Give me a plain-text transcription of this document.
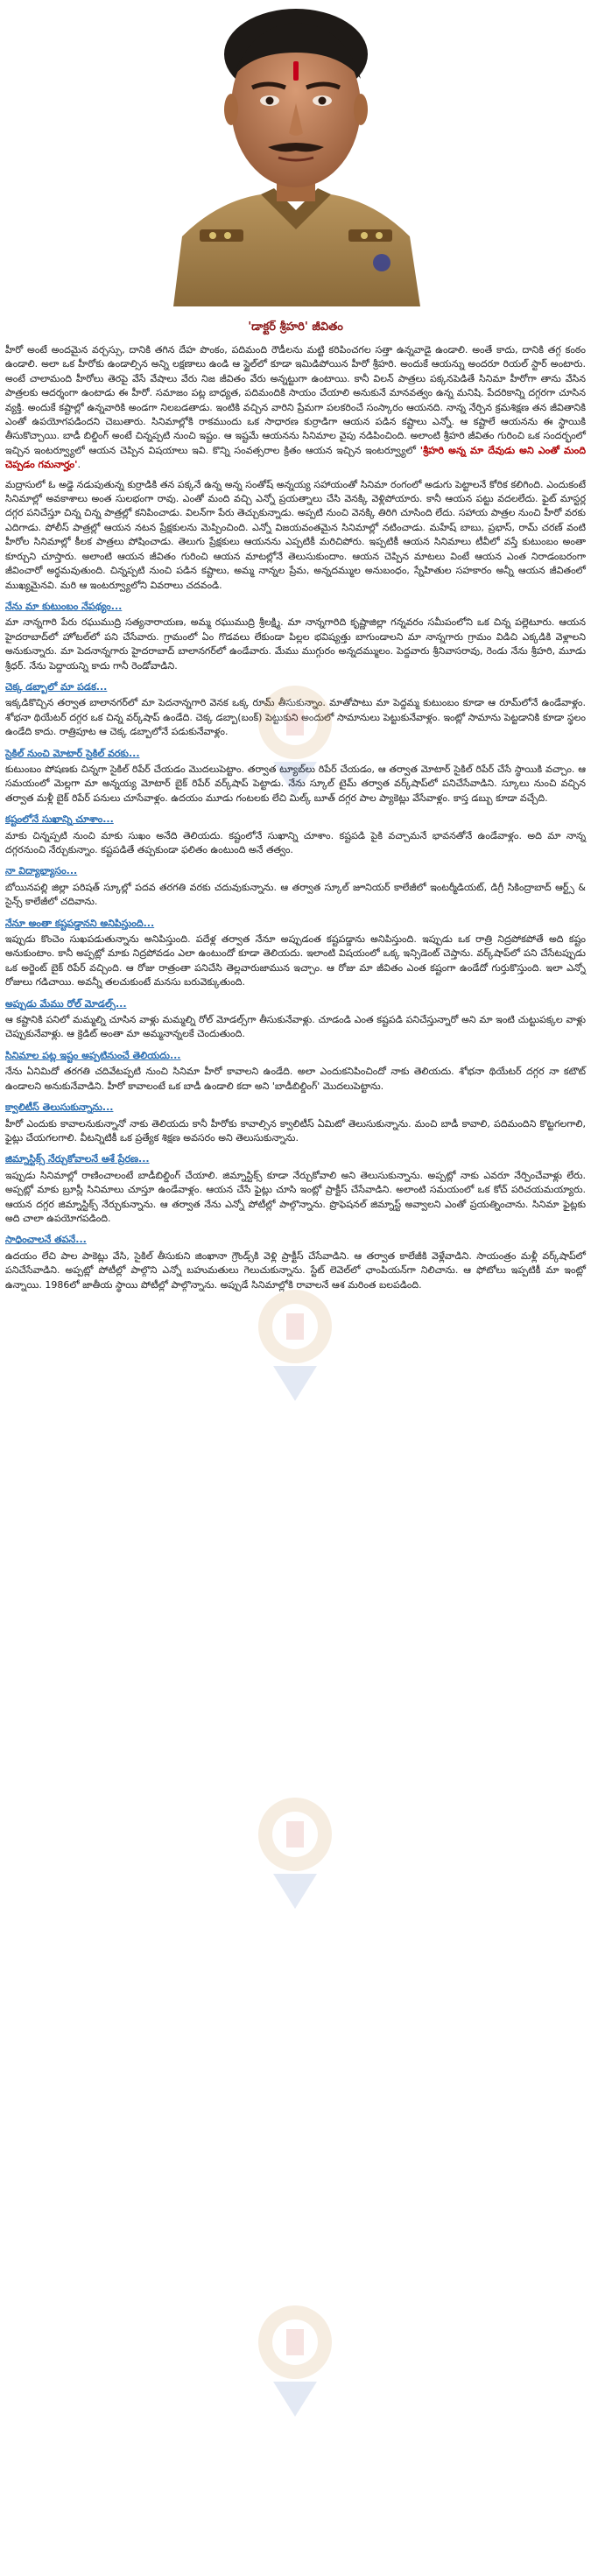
'డాక్టర్ శ్రీహరి' జీవితం

హీరో అంటే అందమైన వర్చస్సు, దానికి తగిన దేహ పొంకం, పదిమంది రౌడీలను మట్టి కరిపించగల సత్తా ఉన్నవాడై ఉండాలి. అంతే కాదు, దానికి తగ్గ కంఠం ఉండాలి. అలా ఒక హీరోకు ఉండాల్సిన అన్ని లక్షణాలు ఉండి ఆ స్టైల్‌లో కూడా ఇమిడిపోయిన హీరో శ్రీహరి. అందుకే ఆయన్ను అందరూ రియల్ స్టార్ అంటారు. అంటే చాలామంది హీరోలు తెరపై వేసే వేషాలు వేరు నిజ జీవితం వేరు అన్నట్టుగా ఉంటాయి. కానీ విలన్ పాత్రలు పక్కనపెడితే సినిమా హీరోగా తాను వేసిన పాత్రలకు ఆదర్శంగా ఉంటాడు ఈ హీరో. సమాజం పట్ల బాధ్యత, పదిమందికి సాయం చేయాలి అనుకునే మానవత్వం ఉన్న మనిషి. పేదరికాన్ని దగ్గరగా చూసిన వ్యక్తి. అందుకే కష్టాల్లో ఉన్నవారికి అండగా నిలబడతాడు. ఇంటికి వచ్చిన వారిని ప్రేమగా పలకరించే సంస్కారం ఆయనది. నాన్న నేర్పిన క్రమశిక్షణ తన జీవితానికి ఎంతో ఉపయోగపడిందని చెబుతారు. సినిమాల్లోకి రాకముందు ఒక సాధారణ కుర్రాడిగా ఆయన పడిన కష్టాలు ఎన్నో. ఆ కష్టాలే ఆయనను ఈ స్థాయికి తీసుకొచ్చాయి. బాడీ బిల్డింగ్ అంటే చిన్నప్పటి నుంచి ఇష్టం. ఆ ఇష్టమే ఆయనను సినిమాల వైపు నడిపించింది. అలాంటి శ్రీహరి జీవితం గురించి ఒక సందర్భంలో ఇచ్చిన ఇంటర్వ్యూలో ఆయన చెప్పిన విషయాలు ఇవి. కొన్ని సంవత్సరాల క్రితం ఆయన ఇచ్చిన ఇంటర్వ్యూలో 'శ్రీహరి అన్న మా దేవుడు అని ఎంతో మంది చెప్పడం గమనార్హం'.

మద్రాసులో ఓ అడ్డె నడుపుతున్న కుర్రాడికి తన పక్కనే ఉన్న అన్న సంతోష్ అన్నయ్య సహాయంతో సినిమా రంగంలో అడుగు పెట్టాలనే కోరిక కలిగింది. ఎందుకంటే సినిమాల్లో అవకాశాలు అంత సులభంగా రావు. ఎంతో మంది వచ్చి ఎన్నో ప్రయత్నాలు చేసి వెనక్కి వెళ్లిపోయారు. కానీ ఆయన పట్టు వదలలేదు. ఫైట్ మాస్టర్ల దగ్గర పనిచేస్తూ చిన్న చిన్న పాత్రల్లో కనిపించాడు. విలన్‌గా పేరు తెచ్చుకున్నాడు. అప్పటి నుంచి వెనక్కి తిరిగి చూసింది లేదు. సహాయ పాత్రల నుంచి హీరో వరకు ఎదిగాడు. పోలీస్ పాత్రల్లో ఆయన నటన ప్రేక్షకులను మెప్పించింది. ఎన్నో విజయవంతమైన సినిమాల్లో నటించాడు. మహేష్ బాబు, ప్రభాస్, రామ్ చరణ్ వంటి హీరోల సినిమాల్లో కీలక పాత్రలు పోషించాడు. తెలుగు ప్రేక్షకులు ఆయనను ఎప్పటికీ మరిచిపోరు. ఇప్పటికీ ఆయన సినిమాలు టీవీలో వస్తే కుటుంబం అంతా కూర్చుని చూస్తారు. అలాంటి ఆయన జీవితం గురించి ఆయన మాటల్లోనే తెలుసుకుందాం. ఆయన చెప్పిన మాటలు వింటే ఆయన ఎంత నిరాడంబరంగా జీవించారో అర్థమవుతుంది. చిన్నప్పటి నుంచి పడిన కష్టాలు, అమ్మ నాన్నల ప్రేమ, అన్నదమ్ముల అనుబంధం, స్నేహితుల సహకారం అన్నీ ఆయన జీవితంలో ముఖ్యమైనవి. మరి ఆ ఇంటర్వ్యూలోని వివరాలు చదవండి.

నేను మా కుటుంబం నేపథ్యం...

మా నాన్నగారి పేరు రఘుముద్రి సత్యనారాయణ, అమ్మ రఘుముద్రి శ్రీలక్ష్మి. మా నాన్నగారిది కృష్ణాజిల్లా గన్నవరం సమీపంలోని ఒక చిన్న పల్లెటూరు. ఆయన హైదరాబాద్‌లో హోటల్‌లో పని చేసేవారు. గ్రామంలో ఏం గొడవలు లేకుండా పిల్లల భవిష్యత్తు బాగుండాలని మా నాన్నగారు గ్రామం విడిచి ఎక్కడికి వెళ్లాలని అనుకున్నారు. మా పెదనాన్నగారు హైదరాబాద్ బాలానగర్‌లో ఉండేవారు. మేము ముగ్గురం అన్నదమ్ములం. పెద్దవారు శ్రీనివాసరావు, రెండు నేను శ్రీహరి, మూడు శ్రీధర్. నేను పెద్దాయన్ని కాదు గానీ రెండోవాడిని.

చెక్క డబ్బాలో మా పడక...

ఇక్కడికొచ్చిన తర్వాత బాలానగర్‌లో మా పెదనాన్నగారి వెనక ఒక్క రూమ్ తీసుకున్నాం. మాతోపాటు మా పెద్దమ్మ కుటుంబం కూడా ఆ రూమ్‌లోనే ఉండేవాళ్లం. శోభనా థియేటర్ దగ్గర ఒక చిన్న వర్క్‌షాప్ ఉండేది. చెక్క డబ్బా(బంక్) పెట్టుకుని అందులో సామానులు పెట్టుకునేవాళ్లం. ఇంట్లో సామాను పెట్టడానికి కూడా స్థలం ఉండేది కాదు. రాత్రిపూట ఆ చెక్క డబ్బాలోనే పడుకునేవాళ్లం.

సైకిల్ నుంచి మోటార్ సైకిల్ వరకు...

కుటుంబం పోషణకు చిన్నగా సైకిల్ రిపేర్ చేయడం మొదలుపెట్టాం. తర్వాత ట్యూబ్‌లు రిపేర్ చేయడం, ఆ తర్వాత మోటార్ సైకిల్ రిపేర్ చేసే స్థాయికి వచ్చాం. ఆ సమయంలో మెల్లగా మా అన్నయ్య మోటార్ బైక్ రిపేర్ వర్క్‌షాప్ పెట్టాడు. నేను స్కూల్ టైమ్ తర్వాత వర్క్‌షాప్‌లో పనిచేసేవాడిని. స్కూలు నుంచి వచ్చిన తర్వాత మళ్లీ బైక్ రిపేర్ పనులు చూసేవాళ్లం. ఉదయం మూడు గంటలకు లేచి మిల్క్ బూత్ దగ్గర పాల ప్యాకెట్లు వేసేవాళ్లం. కాస్త డబ్బు కూడా వచ్చేది.

కష్టంలోనే సుఖాన్ని చూశాం...

మాకు చిన్నప్పటి నుంచి మాకు సుఖం అనేది తెలియదు. కష్టంలోనే సుఖాన్ని చూశాం. కష్టపడి పైకి వచ్చామనే భావనతోనే ఉండేవాళ్లం. అది మా నాన్న దగ్గరనుంచి నేర్చుకున్నాం. కష్టపడితే తప్పకుండా ఫలితం ఉంటుంది అనే తత్వం.

నా విద్యాభ్యాసం...

బోయినపల్లి జిల్లా పరిషత్ స్కూల్లో పదవ తరగతి వరకు చదువుకున్నాను. ఆ తర్వాత స్కూల్ జూనియర్ కాలేజీలో ఇంటర్మీడియట్, డిగ్రీ సికింద్రాబాద్ ఆర్ట్స్ & సైన్స్ కాలేజీలో చదివాను.

నేనూ అంతా కష్టపడ్డానని అనిపిస్తుంది...

ఇప్పుడు కొంచెం సుఖపడుతున్నాను అనిపిస్తుంది. పదేళ్ల తర్వాత నేనూ అప్పుడంత కష్టపడ్డాను అనిపిస్తుంది. ఇప్పుడు ఒక రాత్రి నిద్రపోకపోతే అది కష్టం అనుకుంటాం. కానీ అప్పట్లో మాకు నిద్రపోవడం ఎలా ఉంటుందో కూడా తెలియదు. ఇలాంటి విషయంలో ఒక్క ఇన్సిడెంట్ చెప్తాను. వర్క్‌షాప్‌లో పని చేసేటప్పుడు ఒక అర్జెంట్ బైక్ రిపేర్ వచ్చింది. ఆ రోజు రాత్రంతా పనిచేసి తెల్లవారుజామున ఇచ్చాం. ఆ రోజు మా జీవితం ఎంత కష్టంగా ఉండేదో గుర్తుకొస్తుంది. ఇలా ఎన్నో రోజులు గడిచాయి. అవన్నీ తలచుకుంటే మనసు బరువెక్కుతుంది.

అప్పుడు మేము రోల్ మోడల్స్...

ఆ కష్టానికి పనిలో మమ్మల్ని చూసిన వాళ్లు మమ్మల్ని రోల్ మోడల్స్‌గా తీసుకునేవాళ్లు. చూడండి ఎంత కష్టపడి పనిచేస్తున్నారో అని మా ఇంటి చుట్టుపక్కల వాళ్లు చెప్పుకునేవాళ్లు. ఆ క్రెడిట్ అంతా మా అమ్మనాన్నలకే చెందుతుంది.

సినిమాల పట్ల ఇష్టం అప్పటినుంచే తెలియదు...

నేను ఏనిమిదో తరగతి చదివేటప్పటి నుంచి సినిమా హీరో కావాలని ఉండేది. అలా ఎందుకనిపించిందో నాకు తెలియదు. శోభనా థియేటర్ దగ్గర నా కటౌట్ ఉండాలని అనుకునేవాడిని. హీరో కావాలంటే ఒక బాడీ ఉండాలి కదా అని 'బాడీబిల్డింగ్' మొదలుపెట్టాను.

క్వాలిటీస్ తెలుసుకున్నాను...

హీరో ఎందుకు కావాలనుకున్నానో నాకు తెలియదు కానీ హీరోకు కావాల్సిన క్వాలిటీస్ ఏమిటో తెలుసుకున్నాను. మంచి బాడీ కావాలి, పదిమందిని కొట్టగలగాలి, ఫైట్లు చేయగలగాలి. వీటన్నిటికీ ఒక ప్రత్యేక శిక్షణ అవసరం అని తెలుసుకున్నాను.

జిమ్నాస్టిక్స్ నేర్చుకోవాలనే ఆశే ప్రేరణ...

ఇప్పుడు సినిమాల్లో రాణించాలంటే బాడీబిల్డింగ్ చేయాలి. జిమ్నాస్టిక్స్ కూడా నేర్చుకోవాలి అని తెలుసుకున్నాను. అప్పట్లో నాకు ఎవరూ నేర్పించేవాళ్లు లేరు. అప్పట్లో మాకు బ్రూస్లీ సినిమాలు చూస్తూ ఉండేవాళ్లం. ఆయన చేసే ఫైట్లు చూసి ఇంట్లో ప్రాక్టీస్ చేసేవాడిని. అలాంటి సమయంలో ఒక కోచ్ పరిచయమయ్యారు. ఆయన దగ్గర జిమ్నాస్టిక్స్ నేర్చుకున్నాను. ఆ తర్వాత నేను ఎన్నో పోటీల్లో పాల్గొన్నాను. ప్రొఫెషనల్ జిమ్నాస్ట్ అవ్వాలని ఎంతో ప్రయత్నించాను. సినిమా ఫైట్లకు అది చాలా ఉపయోగపడింది.

సాధించాలనే తపనే...

ఉదయం లేచి పాల పాకెట్లు వేసి, సైకిల్ తీసుకుని జింఖానా గ్రౌండ్స్‌కి వెళ్లి ప్రాక్టీస్ చేసేవాడిని. ఆ తర్వాత కాలేజీకి వెళ్లేవాడిని. సాయంత్రం మళ్లీ వర్క్‌షాప్‌లో పనిచేసేవాడిని. అప్పట్లో పోటీల్లో పాల్గొని ఎన్నో బహుమతులు గెలుచుకున్నాను. స్టేట్ లెవెల్‌లో ఛాంపియన్‌గా నిలిచాను. ఆ ఫోటోలు ఇప్పటికీ మా ఇంట్లో ఉన్నాయి. 1986లో జాతీయ స్థాయి పోటీల్లో పాల్గొన్నాను. అప్పుడే సినిమాల్లోకి రావాలనే ఆశ మరింత బలపడింది.
